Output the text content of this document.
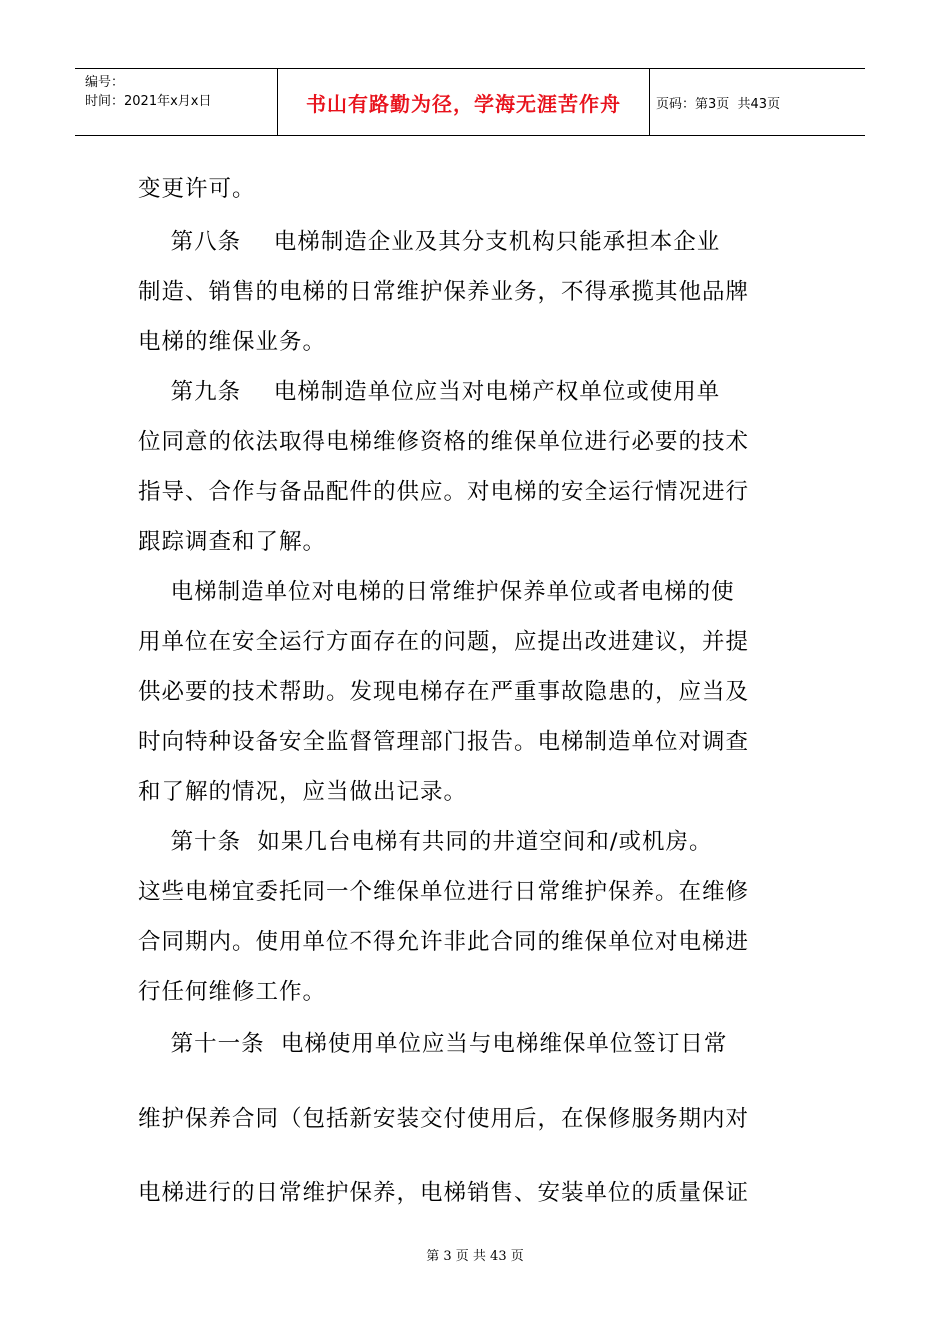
编号：
时间：2021年x月x日	书山有路勤为径，学海无涯苦作舟	页码：第3页  共43页
变更许可。
第八条    电梯制造企业及其分支机构只能承担本企业
制造、销售的电梯的日常维护保养业务，不得承揽其他品牌
电梯的维保业务。
第九条    电梯制造单位应当对电梯产权单位或使用单
位同意的依法取得电梯维修资格的维保单位进行必要的技术
指导、合作与备品配件的供应。对电梯的安全运行情况进行
跟踪调查和了解。
电梯制造单位对电梯的日常维护保养单位或者电梯的使
用单位在安全运行方面存在的问题，应提出改进建议，并提
供必要的技术帮助。发现电梯存在严重事故隐患的，应当及
时向特种设备安全监督管理部门报告。电梯制造单位对调查
和了解的情况，应当做出记录。
第十条  如果几台电梯有共同的井道空间和/或机房。
这些电梯宜委托同一个维保单位进行日常维护保养。在维修
合同期内。使用单位不得允许非此合同的维保单位对电梯进
行任何维修工作。
第十一条  电梯使用单位应当与电梯维保单位签订日常
维护保养合同（包括新安装交付使用后，在保修服务期内对
电梯进行的日常维护保养，电梯销售、安装单位的质量保证
第 3 页 共 43 页
